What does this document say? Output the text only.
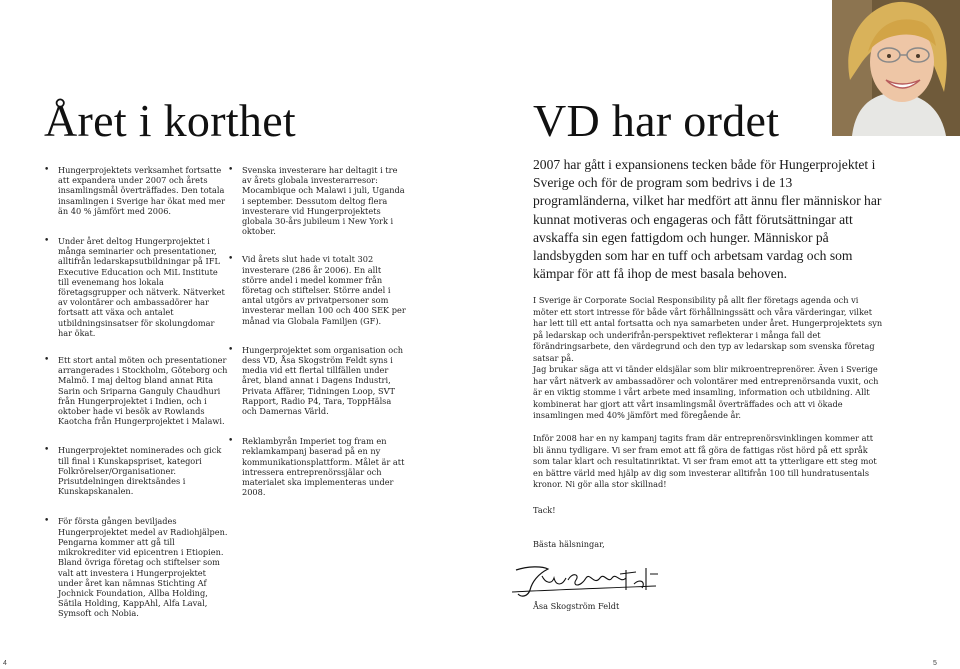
Året i korthet
• Hungerprojektets verksamhet fortsatte att expandera under 2007 och årets insamlingsmål överträffades. Den totala insamlingen i Sverige har ökat med mer än 40 % jämfört med 2006.
• Under året deltog Hungerprojektet i många seminarier och presentationer, alltifrån ledarskapsutbildningar på IFL Executive Education och MiL Institute till evenemang hos lokala företagsgrupper och nätverk. Nätverket av volontärer och ambassadörer har fortsatt att växa och antalet utbildningsinsatser för skolungdomar har ökat.
• Ett stort antal möten och presentationer arrangerades i Stockholm, Göteborg och Malmö. I maj deltog bland annat Rita Sarin och Sriparna Ganguly Chaudhuri från Hungerprojektet i Indien, och i oktober hade vi besök av Rowlands Kaotcha från Hungerprojektet i Malawi.
• Hungerprojektet nominerades och gick till final i Kunskapspriset, kategori Folkrörelser/Organisationer. Prisutdelningen direktsändes i Kunskapskanalen.
• För första gången beviljades Hungerprojektet medel av Radiohjälpen. Pengarna kommer att gå till mikrokrediter vid epicentren i Etiopien. Bland övriga företag och stiftelser som valt att investera i Hungerprojektet under året kan nämnas Stichting Af Jochnick Foundation, Allba Holding, Sätila Holding, KappAhl, Alfa Laval, Symsoft och Nobia.
• Svenska investerare har deltagit i tre av årets globala investerarresor: Mocambique och Malawi i juli, Uganda i september. Dessutom deltog flera investerare vid Hungerprojektets globala 30-års jubileum i New York i oktober.
• Vid årets slut hade vi totalt 302 investerare (286 år 2006). En allt större andel i medel kommer från företag och stiftelser. Större andel i antal utgörs av privatpersoner som investerar mellan 100 och 400 SEK per månad via Globala Familjen (GF).
• Hungerprojektet som organisation och dess VD, Åsa Skogström Feldt syns i media vid ett flertal tillfällen under året, bland annat i Dagens Industri, Privata Affärer, Tidningen Loop, SVT Rapport, Radio P4, Tara, ToppHälsa och Damernas Värld.
• Reklambyrån Imperiet tog fram en reklamkampanj baserad på en ny kommunikationsplattform. Målet är att intressera entreprenörssjälar och materialet ska implementeras under 2008.
4
VD har ordet

2007 har gått i expansionens tecken både för Hungerprojektet i Sverige och för de program som bedrivs i de 13 programländerna, vilket har medfört att ännu fler människor har kunnat motiveras och engageras och fått förutsättningar att avskaffa sin egen fattigdom och hunger. Människor på landsbygden som har en tuff och arbetsam vardag och som kämpar för att få ihop de mest basala behoven.

I Sverige är Corporate Social Responsibility på allt fler företags agenda och vi möter ett stort intresse för både vårt förhållningssätt och våra värderingar, vilket har lett till ett antal fortsatta och nya samarbeten under året. Hungerprojektets syn på ledarskap och underifrån-perspektivet reflekterar i många fall det förändringsarbete, den värdegrund och den typ av ledarskap som svenska företag satsar på.

Jag brukar säga att vi tänder eldsjälar som blir mikroentreprenörer. Även i Sverige har vårt nätverk av ambassadörer och volontärer med entreprenörsanda vuxit, och är en viktig stomme i vårt arbete med insamling, information och utbildning. Allt kombinerat har gjort att vårt insamlingsmål överträffades och att vi ökade insamlingen med 40% jämfört med föregående år.

Inför 2008 har en ny kampanj tagits fram där entreprenörsvinklingen kommer att bli ännu tydligare. Vi ser fram emot att få göra de fattigas röst hörd på ett språk som talar klart och resultatinriktat. Vi ser fram emot att ta ytterligare ett steg mot en bättre värld med hjälp av dig som investerar alltifrån 100 till hundratusentals kronor. Ni gör alla stor skillnad!

Tack!

Bästa hälsningar,

Åsa Skogström Feldt

5
